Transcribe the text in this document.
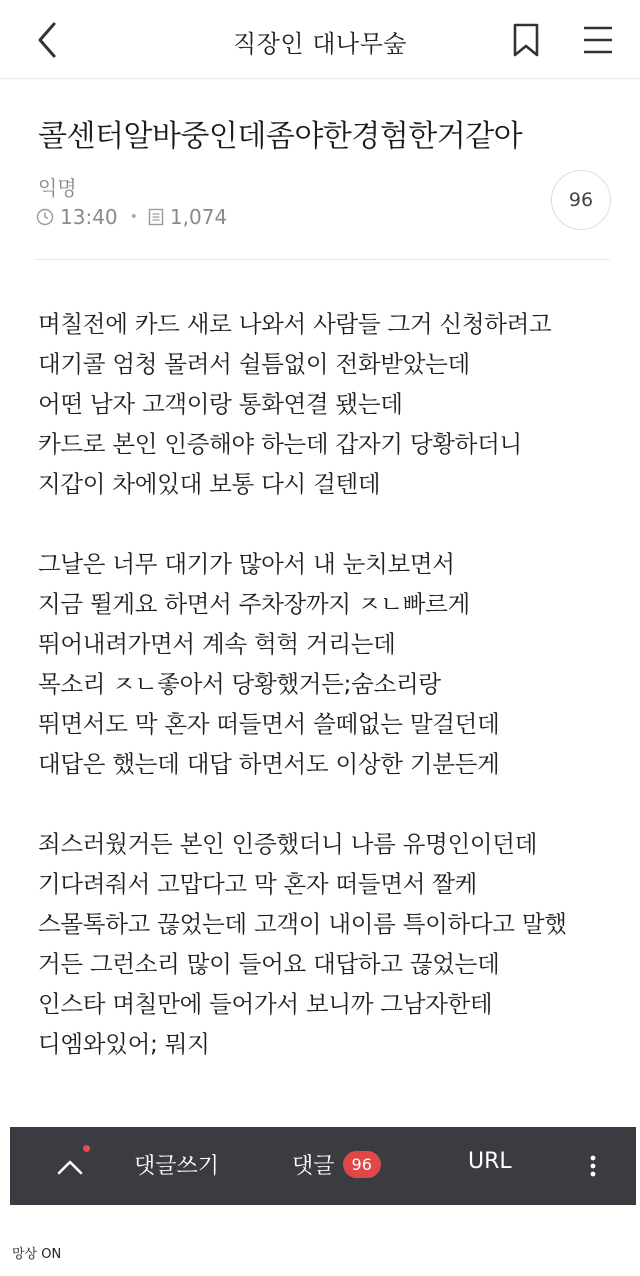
직장인 대나무숲
콜센터알바중인데좀야한경험한거같아
익명
13:40 • 1,074
96
며칠전에 카드 새로 나와서 사람들 그거 신청하려고
대기콜 엄청 몰려서 쉴틈없이 전화받았는데
어떤 남자 고객이랑 통화연결 됐는데
카드로 본인 인증해야 하는데 갑자기 당황하더니
지갑이 차에있대 보통 다시 걸텐데
그날은 너무 대기가 많아서 내 눈치보면서
지금 뛸게요 하면서 주차장까지 ㅈㄴ빠르게
뛰어내려가면서 계속 헉헉 거리는데
목소리 ㅈㄴ좋아서 당황했거든;숨소리랑
뛰면서도 막 혼자 떠들면서 쓸떼없는 말걸던데
대답은 했는데 대답 하면서도 이상한 기분든게
죄스러웠거든 본인 인증했더니 나름 유명인이던데
기다려줘서 고맙다고 막 혼자 떠들면서 짤케
스몰톡하고 끊었는데 고객이 내이름 특이하다고 말했
거든 그런소리 많이 들어요 대답하고 끊었는데
인스타 며칠만에 들어가서 보니까 그남자한테
디엠와있어; 뭐지
댓글쓰기	댓글	96	URL
망상 ON
